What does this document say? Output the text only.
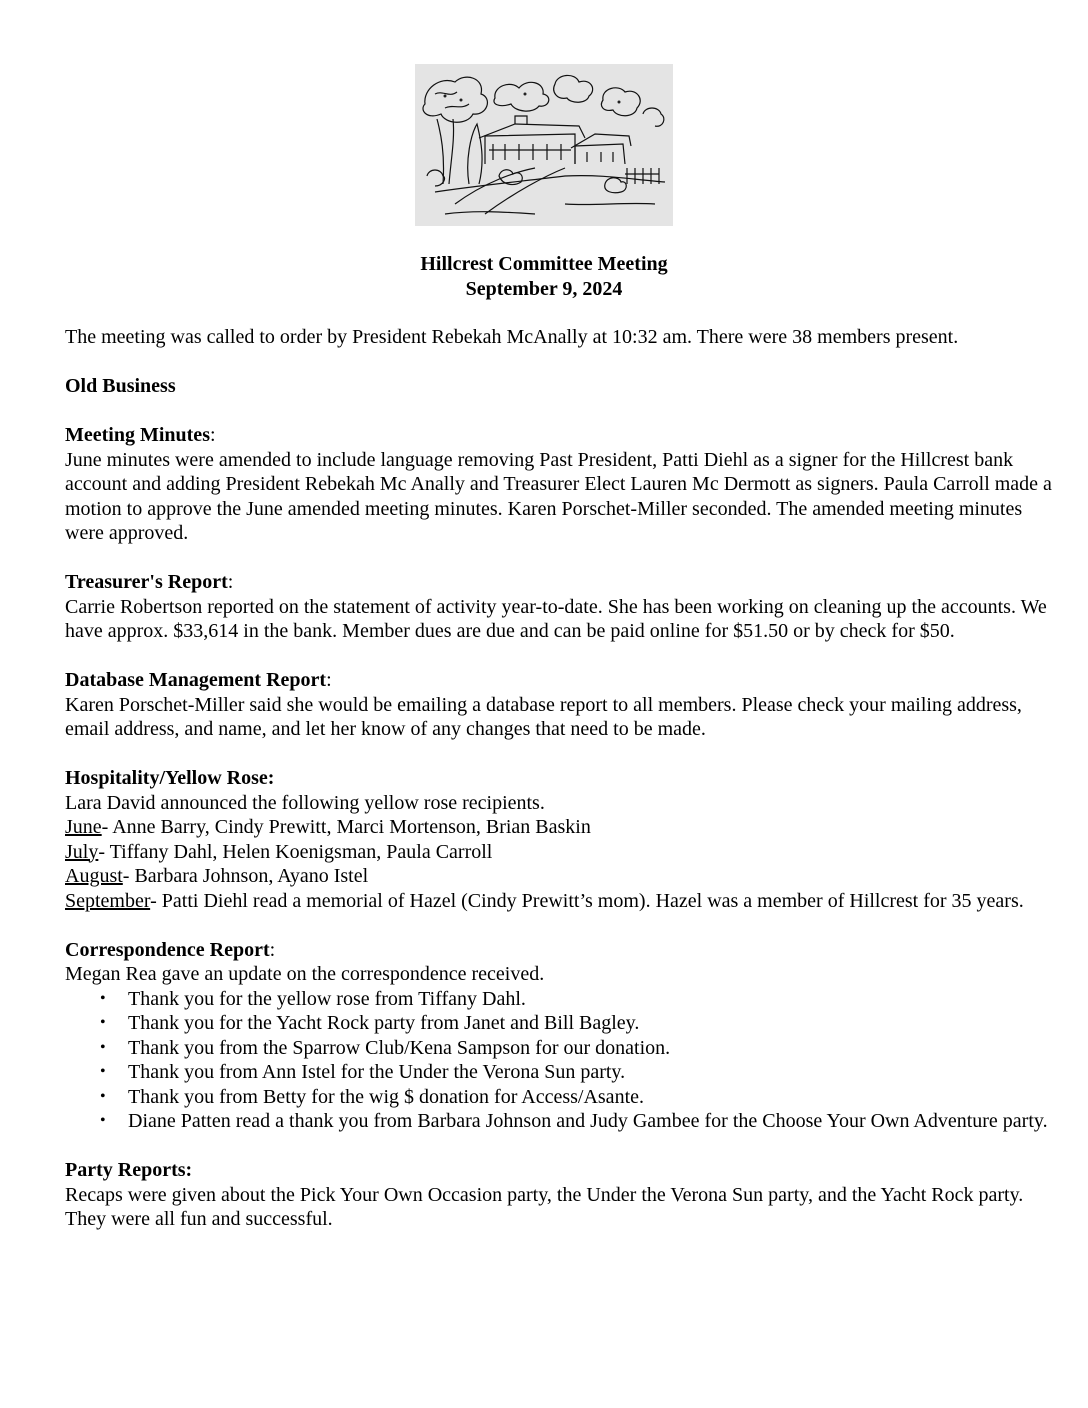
Hillcrest Committee Meeting
September 9, 2024

The meeting was called to order by President Rebekah McAnally at 10:32 am. There were 38 members present.

Old Business

Meeting Minutes:

June minutes were amended to include language removing Past President, Patti Diehl as a signer for the Hillcrest bank account and adding President Rebekah Mc Anally and Treasurer Elect Lauren Mc Dermott as signers. Paula Carroll made a motion to approve the June amended meeting minutes. Karen Porschet-Miller seconded. The amended meeting minutes were approved.

Treasurer's Report:

Carrie Robertson reported on the statement of activity year-to-date. She has been working on cleaning up the accounts. We have approx. $33,614 in the bank. Member dues are due and can be paid online for $51.50 or by check for $50.

Database Management Report:

Karen Porschet-Miller said she would be emailing a database report to all members. Please check your mailing address, email address, and name, and let her know of any changes that need to be made.

Hospitality/Yellow Rose:

Lara David announced the following yellow rose recipients.

June- Anne Barry, Cindy Prewitt, Marci Mortenson, Brian Baskin

July- Tiffany Dahl, Helen Koenigsman, Paula Carroll

August- Barbara Johnson, Ayano Istel

September- Patti Diehl read a memorial of Hazel (Cindy Prewitt’s mom). Hazel was a member of Hillcrest for 35 years.

Correspondence Report:

Megan Rea gave an update on the correspondence received.

• Thank you for the yellow rose from Tiffany Dahl.
• Thank you for the Yacht Rock party from Janet and Bill Bagley.
• Thank you from the Sparrow Club/Kena Sampson for our donation.
• Thank you from Ann Istel for the Under the Verona Sun party.
• Thank you from Betty for the wig $ donation for Access/Asante.
• Diane Patten read a thank you from Barbara Johnson and Judy Gambee for the Choose Your Own Adventure party.

Party Reports:

Recaps were given about the Pick Your Own Occasion party, the Under the Verona Sun party, and the Yacht Rock party. They were all fun and successful.
